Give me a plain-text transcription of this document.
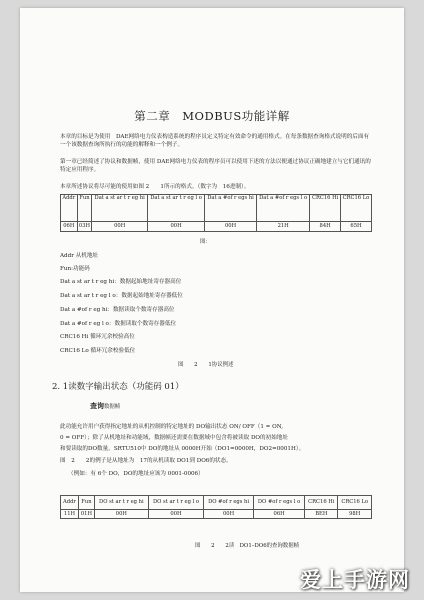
第二章　MODBUS功能详解
本章的目标是为使用　DAE网络电力仪表构造系统的程序员定义特定有效命令的通用格式。在每条数据查询格式说明的后面有一个该数据查询所执行的功能的解释和一个例子。
第一章已经简述了协议和数据帧，使用 DAE网络电力仪表的程序员可以使用下述的方法以便通过协议正确地建立与它们通讯的特定应用程序。
本章所述协议将尽可能的使用如图 2　　1所示的格式。（数字为　16进制）。
Addr	Fun	Dat a st ar t r eg hi	Dat a st ar t r eg l o	Dat a #of r egs hi	Dat a #of r egs l o	CRC16 Hi	CRC16 Lo
06H	03H	00H	00H	00H	21H	84H	65H
图：
Addr 从机地址
Fun:功能码
Dat a st ar t r eg hi：数据起始地址寄存器高位
Dat a st ar t r eg l o：数据起始地址寄存器低位
Dat a #of r eg hi：数据读取个数寄存器高位
Dat a #of r eg l o：数据读取个数寄存器低位
CRC16 Hi 循环冗余校验高位
CRC16 Lo 循环冗余校验低位
图　　2　　1协议例述
2. 1读数字输出状态（功能码 01）
查询数据帧
此功能允许用户获得指定地址的从机控制的特定地址的 DO输出状态 ON/ OFF（1 = ON,
0 = OFF）；除了从机地址和功能域，数据帧还需要在数据域中包含将被读取 DO的初始地址
和要读取的DO数量。SRTU510中 DO的地址从 0000H开始（DO1=0000H，DO2=0001H）。
图　2　　2的例子是从地址为　17的从机读取 DO1到 DO6的状态。
（例如：有 6个 DO，DO的地址应该为 0001-0006）
Addr	Fun	DO st ar t r eg hi	DO st ar t r eg l o	DO #of r egs hi	DO #of r egs l o	CRC16 Hi	CRC16 Lo
11H	01H	00H	00H	00H	06H	BEH	98H
图　　2　　2读　DO1–DO6的查询数据帧
爱上手游网
